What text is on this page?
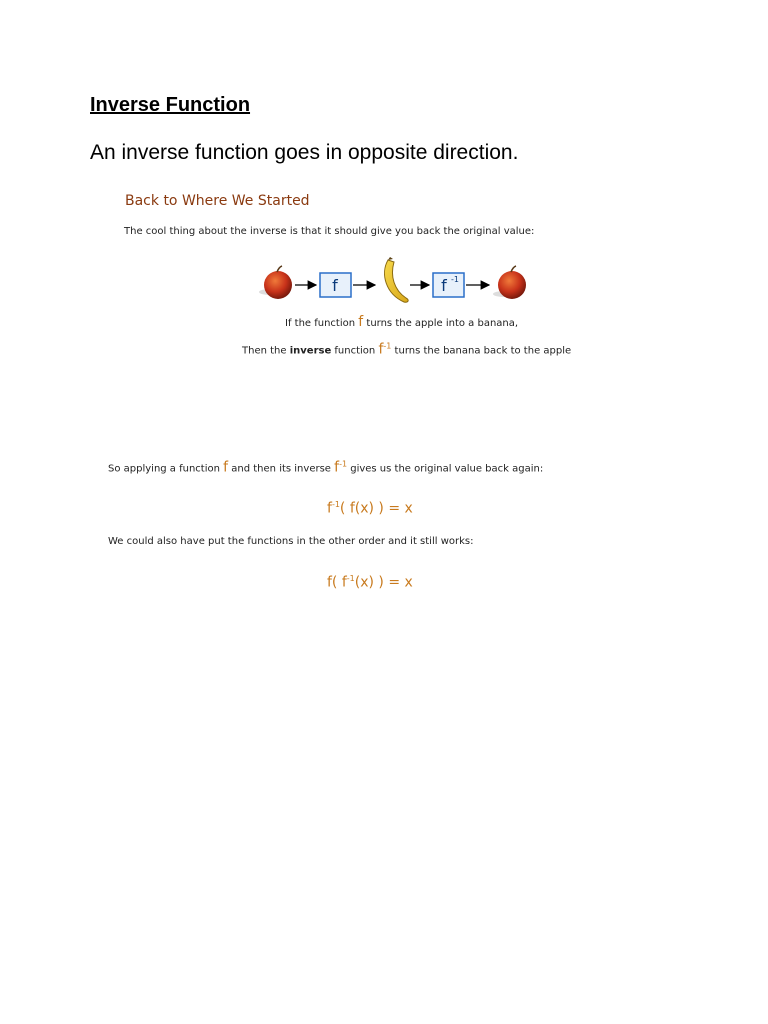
Inverse Function

An inverse function goes in opposite direction.

Back to Where We Started
The cool thing about the inverse is that it should give you back the original value:
f	f -1
If the function f turns the apple into a banana,
Then the inverse function $f^{-1}$ turns the banana back to the apple
So applying a function f and then its inverse $f^{-1}$ gives us the original value back again:
$f^{-1}$( f(x) ) = x
We could also have put the functions in the other order and it still works:
f( $f^{-1}(x)$ ) = x
